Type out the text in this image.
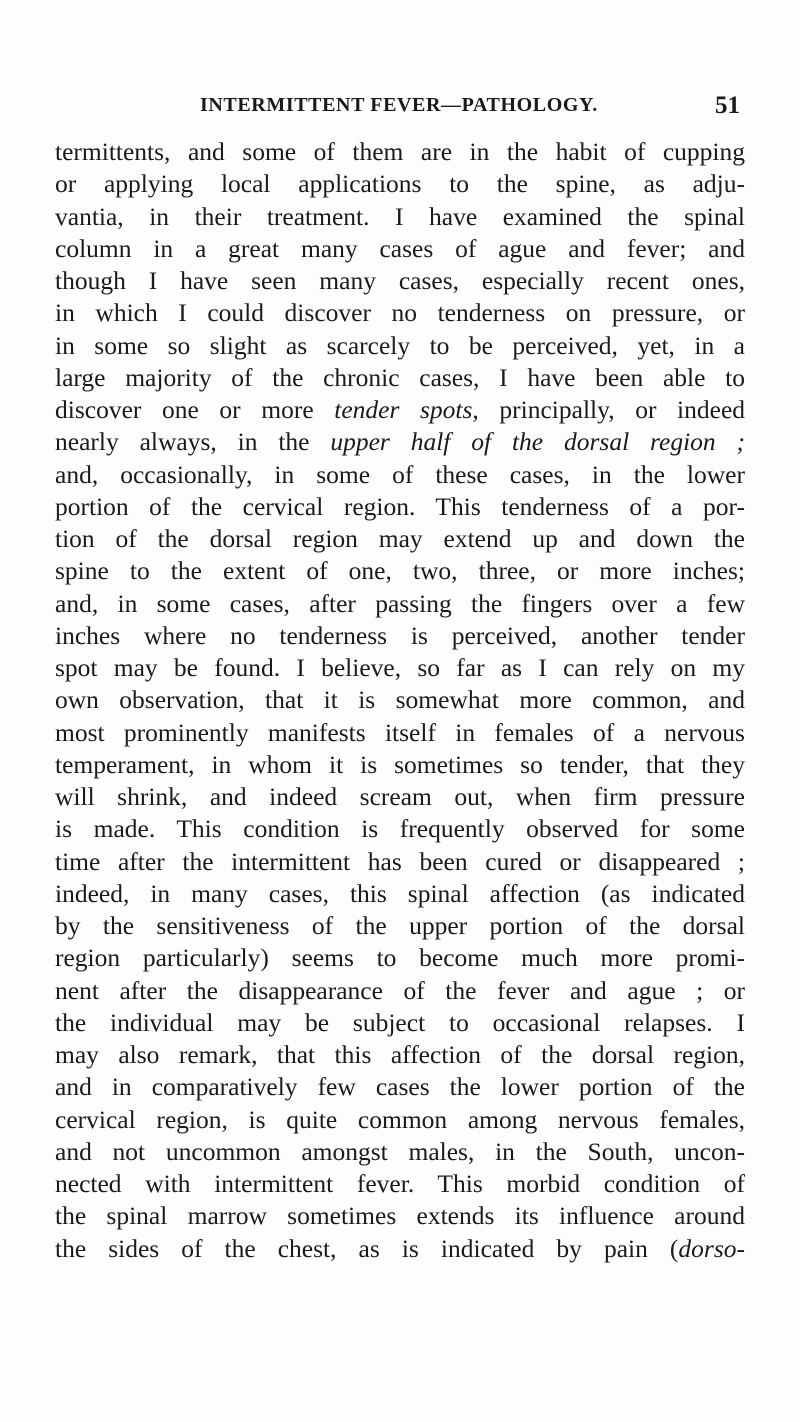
INTERMITTENT FEVER—PATHOLOGY.	51
termittents, and some of them are in the habit of cupping
or applying local applications to the spine, as adju-
vantia, in their treatment. I have examined the spinal
column in a great many cases of ague and fever; and
though I have seen many cases, especially recent ones,
in which I could discover no tenderness on pressure, or
in some so slight as scarcely to be perceived, yet, in a
large majority of the chronic cases, I have been able to
discover one or more tender spots, principally, or indeed
nearly always, in the upper half of the dorsal region ;
and, occasionally, in some of these cases, in the lower
portion of the cervical region. This tenderness of a por-
tion of the dorsal region may extend up and down the
spine to the extent of one, two, three, or more inches;
and, in some cases, after passing the fingers over a few
inches where no tenderness is perceived, another tender
spot may be found. I believe, so far as I can rely on my
own observation, that it is somewhat more common, and
most prominently manifests itself in females of a nervous
temperament, in whom it is sometimes so tender, that they
will shrink, and indeed scream out, when firm pressure
is made. This condition is frequently observed for some
time after the intermittent has been cured or disappeared ;
indeed, in many cases, this spinal affection (as indicated
by the sensitiveness of the upper portion of the dorsal
region particularly) seems to become much more promi-
nent after the disappearance of the fever and ague ; or
the individual may be subject to occasional relapses. I
may also remark, that this affection of the dorsal region,
and in comparatively few cases the lower portion of the
cervical region, is quite common among nervous females,
and not uncommon amongst males, in the South, uncon-
nected with intermittent fever. This morbid condition of
the spinal marrow sometimes extends its influence around
the sides of the chest, as is indicated by pain (dorso-
